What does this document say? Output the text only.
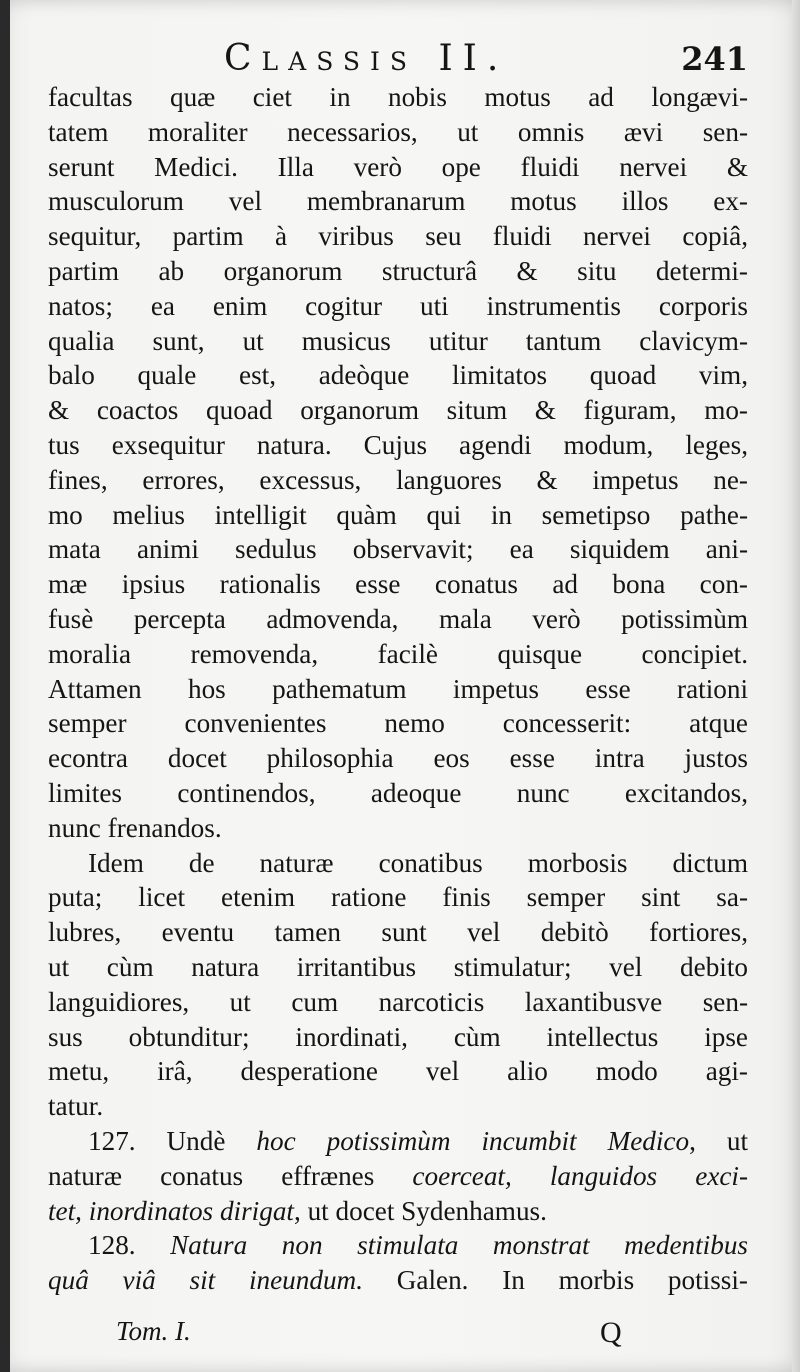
Classis II.	241
facultas quæ ciet in nobis motus ad longævi-
tatem moraliter necessarios, ut omnis ævi sen-
serunt Medici. Illa verò ope fluidi nervei &
musculorum vel membranarum motus illos ex-
sequitur, partim à viribus seu fluidi nervei copiâ,
partim ab organorum structurâ & situ determi-
natos; ea enim cogitur uti instrumentis corporis
qualia sunt, ut musicus utitur tantum clavicym-
balo quale est, adeòque limitatos quoad vim,
& coactos quoad organorum situm & figuram, mo-
tus exsequitur natura. Cujus agendi modum, leges,
fines, errores, excessus, languores & impetus ne-
mo melius intelligit quàm qui in semetipso pathe-
mata animi sedulus observavit; ea siquidem ani-
mæ ipsius rationalis esse conatus ad bona con-
fusè percepta admovenda, mala verò potissimùm
moralia removenda, facilè quisque concipiet.
Attamen hos pathematum impetus esse rationi
semper convenientes nemo concesserit: atque
econtra docet philosophia eos esse intra justos
limites continendos, adeoque nunc excitandos,
nunc frenandos.
Idem de naturæ conatibus morbosis dictum
puta; licet etenim ratione finis semper sint sa-
lubres, eventu tamen sunt vel debitò fortiores,
ut cùm natura irritantibus stimulatur; vel debito
languidiores, ut cum narcoticis laxantibusve sen-
sus obtunditur; inordinati, cùm intellectus ipse
metu, irâ, desperatione vel alio modo agi-
tatur.
127. Undè hoc potissimùm incumbit Medico, ut
naturæ conatus effrænes coerceat, languidos exci-
tet, inordinatos dirigat, ut docet Sydenhamus.
128. Natura non stimulata monstrat medentibus
quâ viâ sit ineundum. Galen. In morbis potissi-
Tom. I.	Q
